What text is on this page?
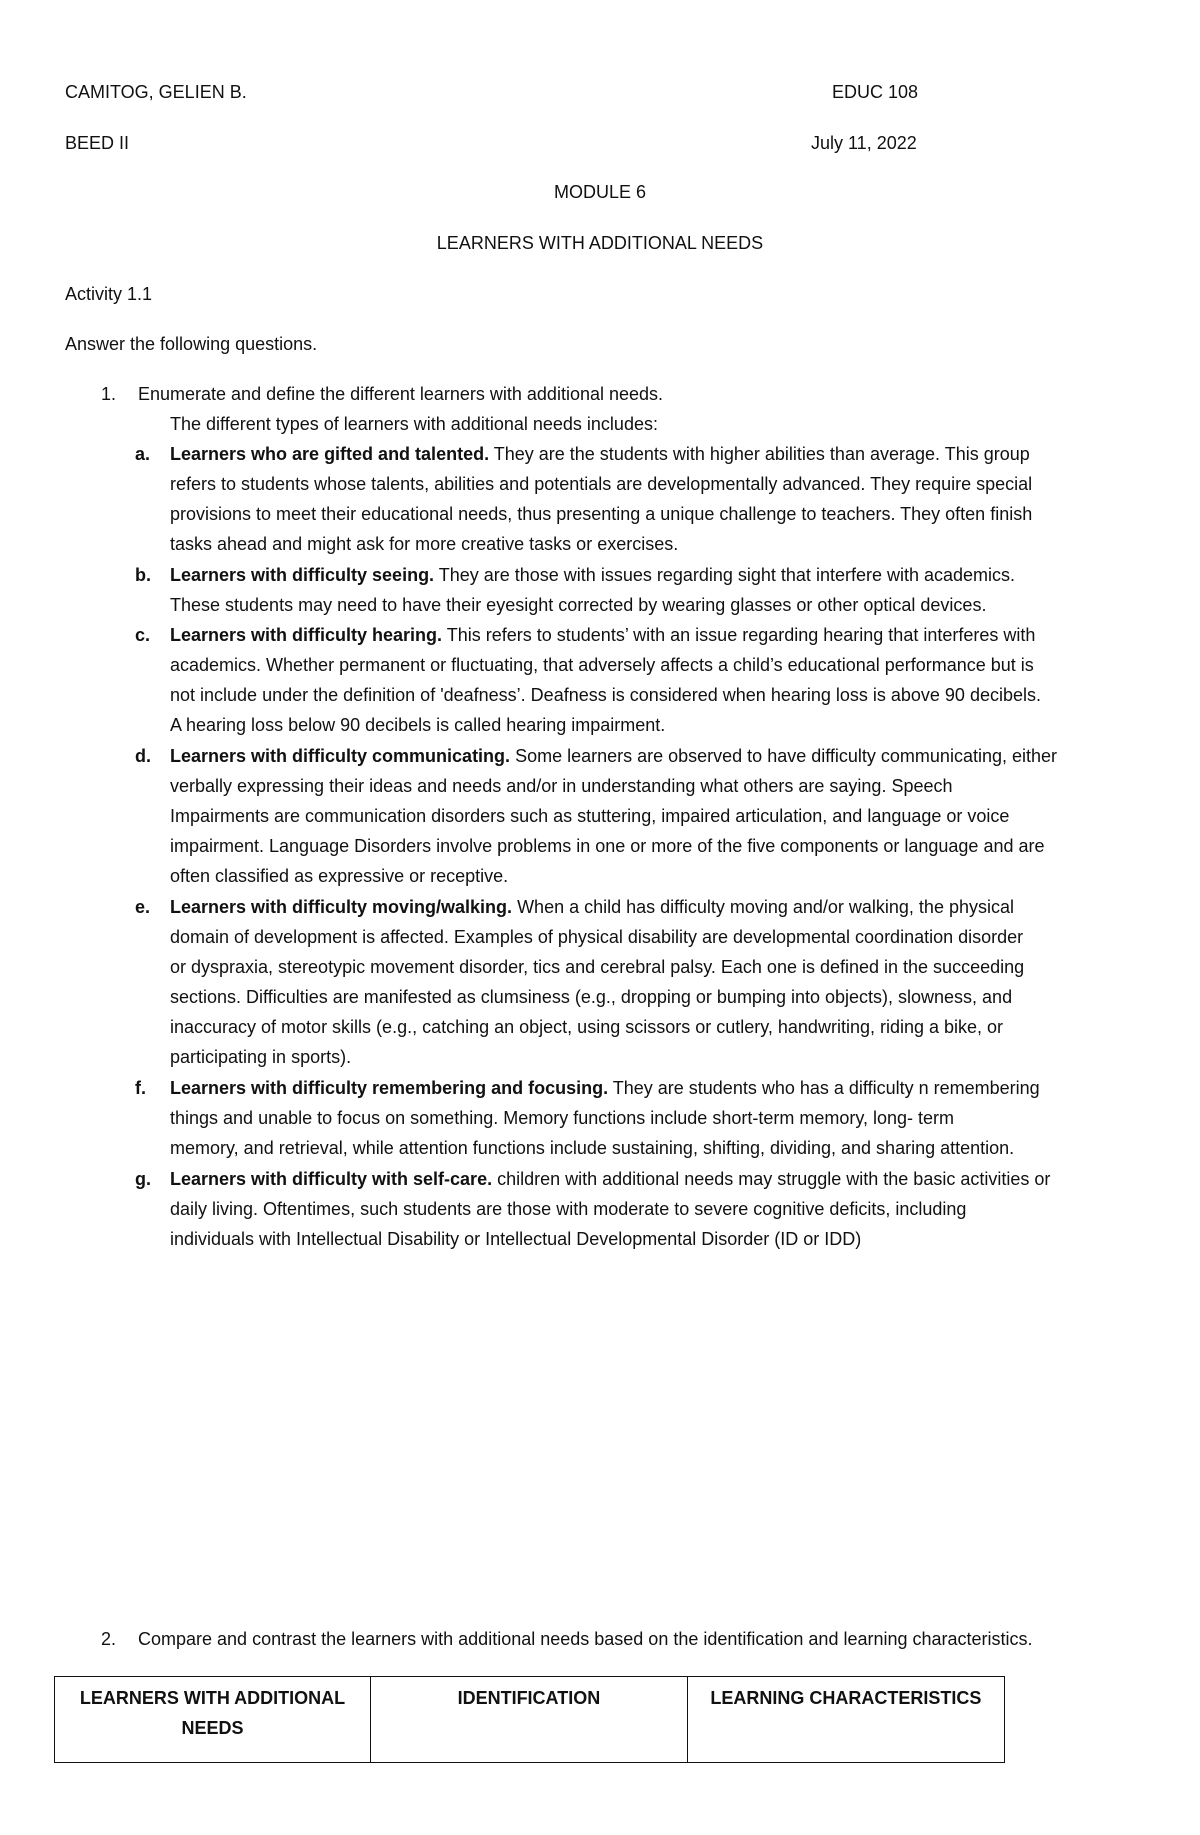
CAMITOG, GELIEN B.	EDUC 108
BEED II	July 11, 2022
MODULE 6
LEARNERS WITH ADDITIONAL NEEDS
Activity 1.1
Answer the following questions.
1. Enumerate and define the different learners with additional needs.
The different types of learners with additional needs includes:
a. Learners who are gifted and talented. They are the students with higher abilities than average. This group
refers to students whose talents, abilities and potentials are developmentally advanced. They require special
provisions to meet their educational needs, thus presenting a unique challenge to teachers. They often finish
tasks ahead and might ask for more creative tasks or exercises.
b. Learners with difficulty seeing. They are those with issues regarding sight that interfere with academics.
These students may need to have their eyesight corrected by wearing glasses or other optical devices.
c. Learners with difficulty hearing. This refers to students’ with an issue regarding hearing that interferes with
academics. Whether permanent or fluctuating, that adversely affects a child’s educational performance but is
not include under the definition of 'deafness’. Deafness is considered when hearing loss is above 90 decibels.
A hearing loss below 90 decibels is called hearing impairment.
d. Learners with difficulty communicating. Some learners are observed to have difficulty communicating, either
verbally expressing their ideas and needs and/or in understanding what others are saying. Speech
Impairments are communication disorders such as stuttering, impaired articulation, and language or voice
impairment. Language Disorders involve problems in one or more of the five components or language and are
often classified as expressive or receptive.
e. Learners with difficulty moving/walking. When a child has difficulty moving and/or walking, the physical
domain of development is affected. Examples of physical disability are developmental coordination disorder
or dyspraxia, stereotypic movement disorder, tics and cerebral palsy. Each one is defined in the succeeding
sections. Difficulties are manifested as clumsiness (e.g., dropping or bumping into objects), slowness, and
inaccuracy of motor skills (e.g., catching an object, using scissors or cutlery, handwriting, riding a bike, or
participating in sports).
f. Learners with difficulty remembering and focusing. They are students who has a difficulty n remembering
things and unable to focus on something. Memory functions include short-term memory, long- term
memory, and retrieval, while attention functions include sustaining, shifting, dividing, and sharing attention.
g. Learners with difficulty with self-care. children with additional needs may struggle with the basic activities or
daily living. Oftentimes, such students are those with moderate to severe cognitive deficits, including
individuals with Intellectual Disability or Intellectual Developmental Disorder (ID or IDD)
2. Compare and contrast the learners with additional needs based on the identification and learning characteristics.
LEARNERS WITH ADDITIONAL NEEDS	IDENTIFICATION	LEARNING CHARACTERISTICS
